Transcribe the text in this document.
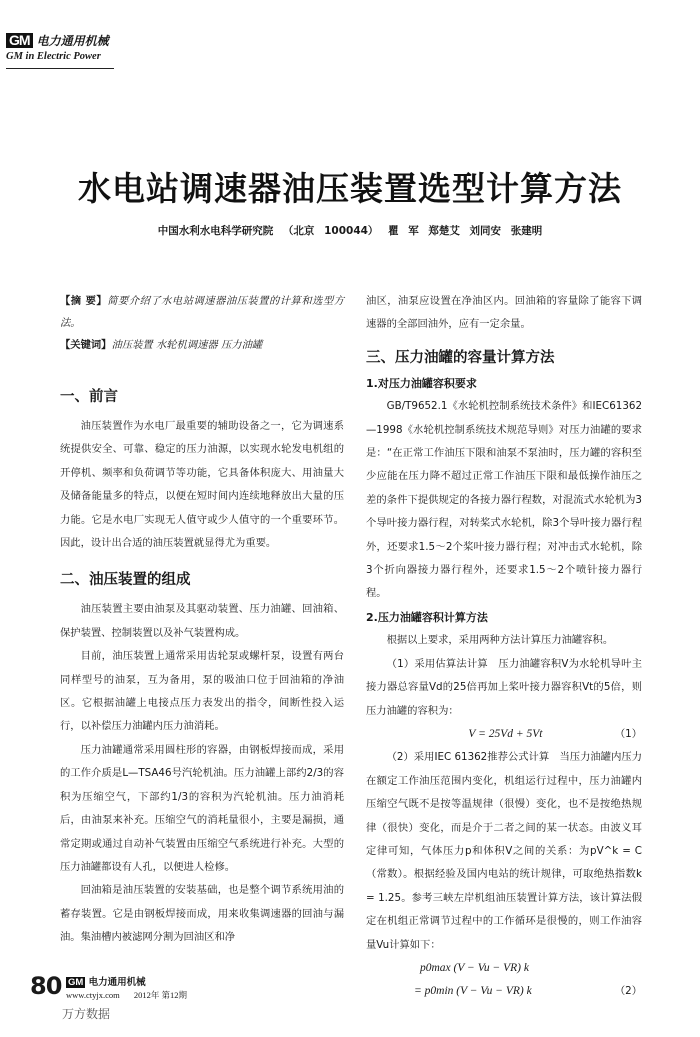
GM 电力通用机械
GM in Electric Power
水电站调速器油压装置选型计算方法
中国水利水电科学研究院 （北京 100044） 瞿 军 郑楚艾 刘同安 张建明

【摘 要】简要介绍了水电站调速器油压装置的计算和选型方法。

【关键词】油压装置 水轮机调速器 压力油罐

一、前言

油压装置作为水电厂最重要的辅助设备之一，它为调速系统提供安全、可靠、稳定的压力油源，以实现水轮发电机组的开停机、频率和负荷调节等功能，它具备体积庞大、用油量大及储备能量多的特点，以便在短时间内连续地释放出大量的压力能。它是水电厂实现无人值守或少人值守的一个重要环节。因此，设计出合适的油压装置就显得尤为重要。

二、油压装置的组成

油压装置主要由油泵及其驱动装置、压力油罐、回油箱、保护装置、控制装置以及补气装置构成。

目前，油压装置上通常采用齿轮泵或螺杆泵，设置有两台同样型号的油泵，互为备用，泵的吸油口位于回油箱的净油区。它根据油罐上电接点压力表发出的指令，间断性投入运行，以补偿压力油罐内压力油消耗。

压力油罐通常采用圆柱形的容器，由钢板焊接而成，采用的工作介质是L—TSA46号汽轮机油。压力油罐上部约2/3的容积为压缩空气，下部约1/3的容积为汽轮机油。压力油消耗后，由油泵来补充。压缩空气的消耗量很小，主要是漏损，通常定期或通过自动补气装置由压缩空气系统进行补充。大型的压力油罐都设有人孔，以便进人检修。

回油箱是油压装置的安装基础，也是整个调节系统用油的蓄存装置。它是由钢板焊接而成，用来收集调速器的回油与漏油。集油槽内被滤网分割为回油区和净

油区，油泵应设置在净油区内。回油箱的容量除了能容下调速器的全部回油外，应有一定余量。

三、压力油罐的容量计算方法

1.对压力油罐容积要求

GB/T9652.1《水轮机控制系统技术条件》和IEC61362—1998《水轮机控制系统技术规范导则》对压力油罐的要求是：“在正常工作油压下限和油泵不泵油时，压力罐的容积至少应能在压力降不超过正常工作油压下限和最低操作油压之差的条件下提供规定的各接力器行程数，对混流式水轮机为3个导叶接力器行程，对转桨式水轮机，除3个导叶接力器行程外，还要求1.5～2个桨叶接力器行程；对冲击式水轮机，除3个折向器接力器行程外，还要求1.5～2个喷针接力器行程。

2.压力油罐容积计算方法

根据以上要求，采用两种方法计算压力油罐容积。

（1）采用估算法计算　压力油罐容积V为水轮机导叶主接力器总容量Vd的25倍再加上桨叶接力器容积Vt的5倍，则压力油罐的容积为：

V = 25Vd + 5Vt	（1）

（2）采用IEC 61362推荐公式计算　当压力油罐内压力在额定工作油压范围内变化，机组运行过程中，压力油罐内压缩空气既不是按等温规律（很慢）变化，也不是按绝热规律（很快）变化，而是介于二者之间的某一状态。由波义耳定律可知，气体压力p和体积V之间的关系：为pV^k = C（常数）。根据经验及国内电站的统计规律，可取绝热指数k = 1.25。参考三峡左岸机组油压装置计算方法，该计算法假定在机组正常调节过程中的工作循环是很慢的，则工作油容量Vu计算如下：

p0max (V − Vu − VR) k
= p0min (V − Vu − VR) k	（2）
80 GM 电力通用机械
www.ctyjx.com 2012年 第12期
万方数据
